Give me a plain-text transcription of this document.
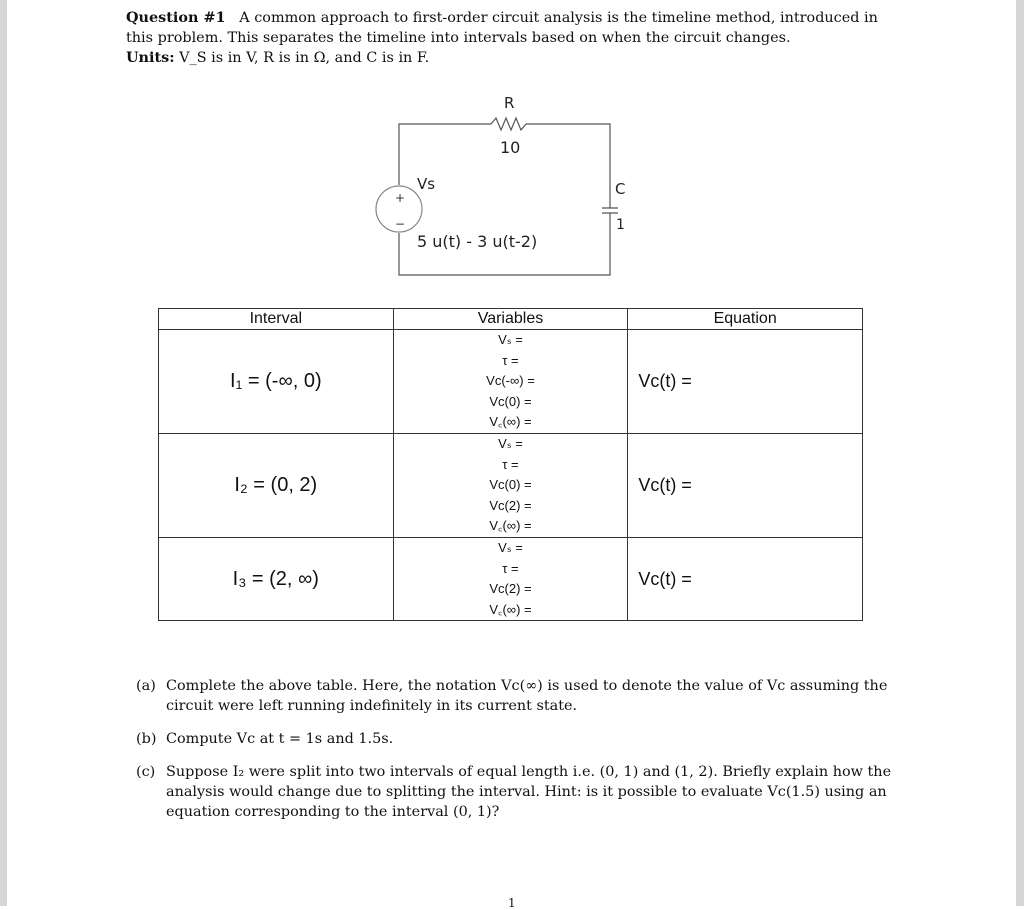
Question #1 A common approach to first-order circuit analysis is the timeline method, introduced in this problem. This separates the timeline into intervals based on when the circuit changes.
Units: V_S is in V, R is in Ω, and C is in F.
+
−
R
10
Vs
5 u(t) - 3 u(t-2)
C
1
Interval	Variables	Equation
I₁ = (-∞, 0)	Vₛ =
τ =
Vc(-∞) =
Vc(0) =
V꜀(∞) =	Vc(t) =
I₂ = (0, 2)	Vₛ =
τ =
Vc(0) =
Vc(2) =
V꜀(∞) =	Vc(t) =
I₃ = (2, ∞)	Vₛ =
τ =
Vc(2) =
V꜀(∞) =	Vc(t) =
(a) Complete the above table. Here, the notation Vc(∞) is used to denote the value of Vc assuming the circuit were left running indefinitely in its current state.
(b) Compute Vc at t = 1s and 1.5s.
(c) Suppose I₂ were split into two intervals of equal length i.e. (0, 1) and (1, 2). Briefly explain how the analysis would change due to splitting the interval. Hint: is it possible to evaluate Vc(1.5) using an equation corresponding to the interval (0, 1)?
1
